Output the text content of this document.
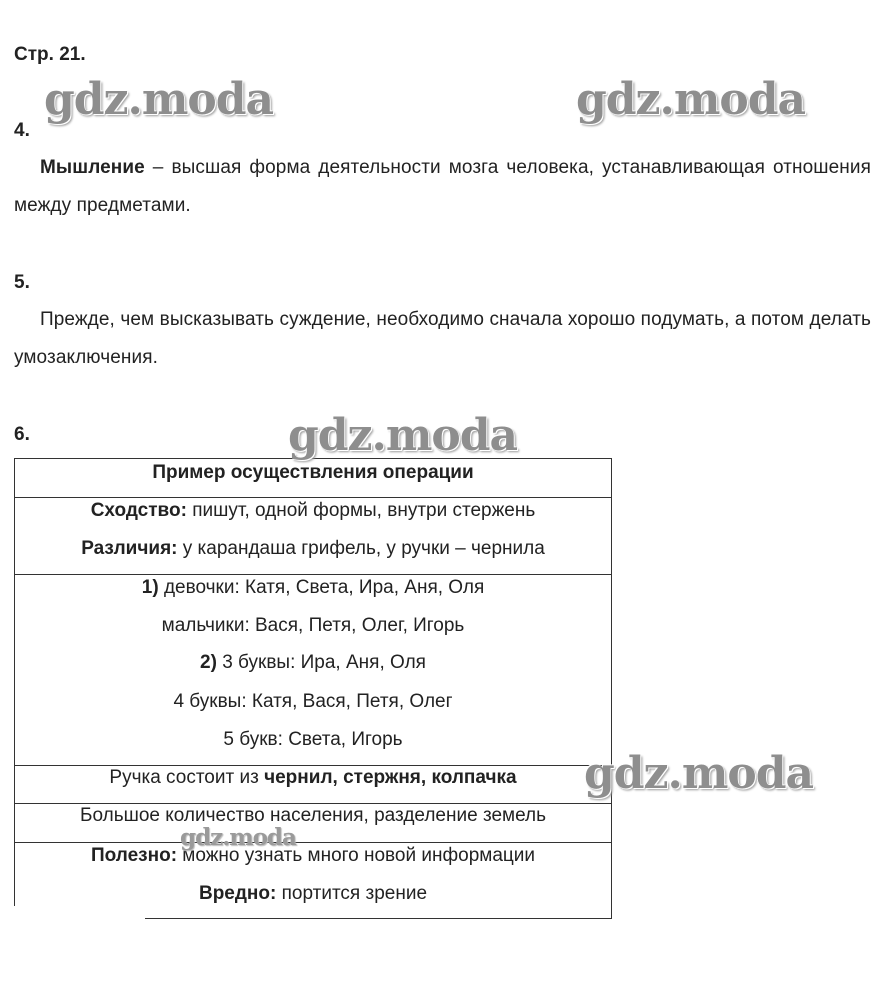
Стр. 21.
gdz.moda	gdz.moda
gdz.moda
gdz.moda
gdz.moda
4.
Мышление – высшая форма деятельности мозга человека, устанавливающая отношения между предметами.
5.
Прежде, чем высказывать суждение, необходимо сначала хорошо подумать, а потом делать умозаключения.
6.
Пример осуществления операции
Сходство: пишут, одной формы, внутри стержень
Различия: у карандаша грифель, у ручки – чернила
1) девочки: Катя, Света, Ира, Аня, Оля
мальчики: Вася, Петя, Олег, Игорь
2) 3 буквы: Ира, Аня, Оля
4 буквы: Катя, Вася, Петя, Олег
5 букв: Света, Игорь
Ручка состоит из чернил, стержня, колпачка
Большое количество населения, разделение земель
Полезно: можно узнать много новой информации
Вредно: портится зрение
